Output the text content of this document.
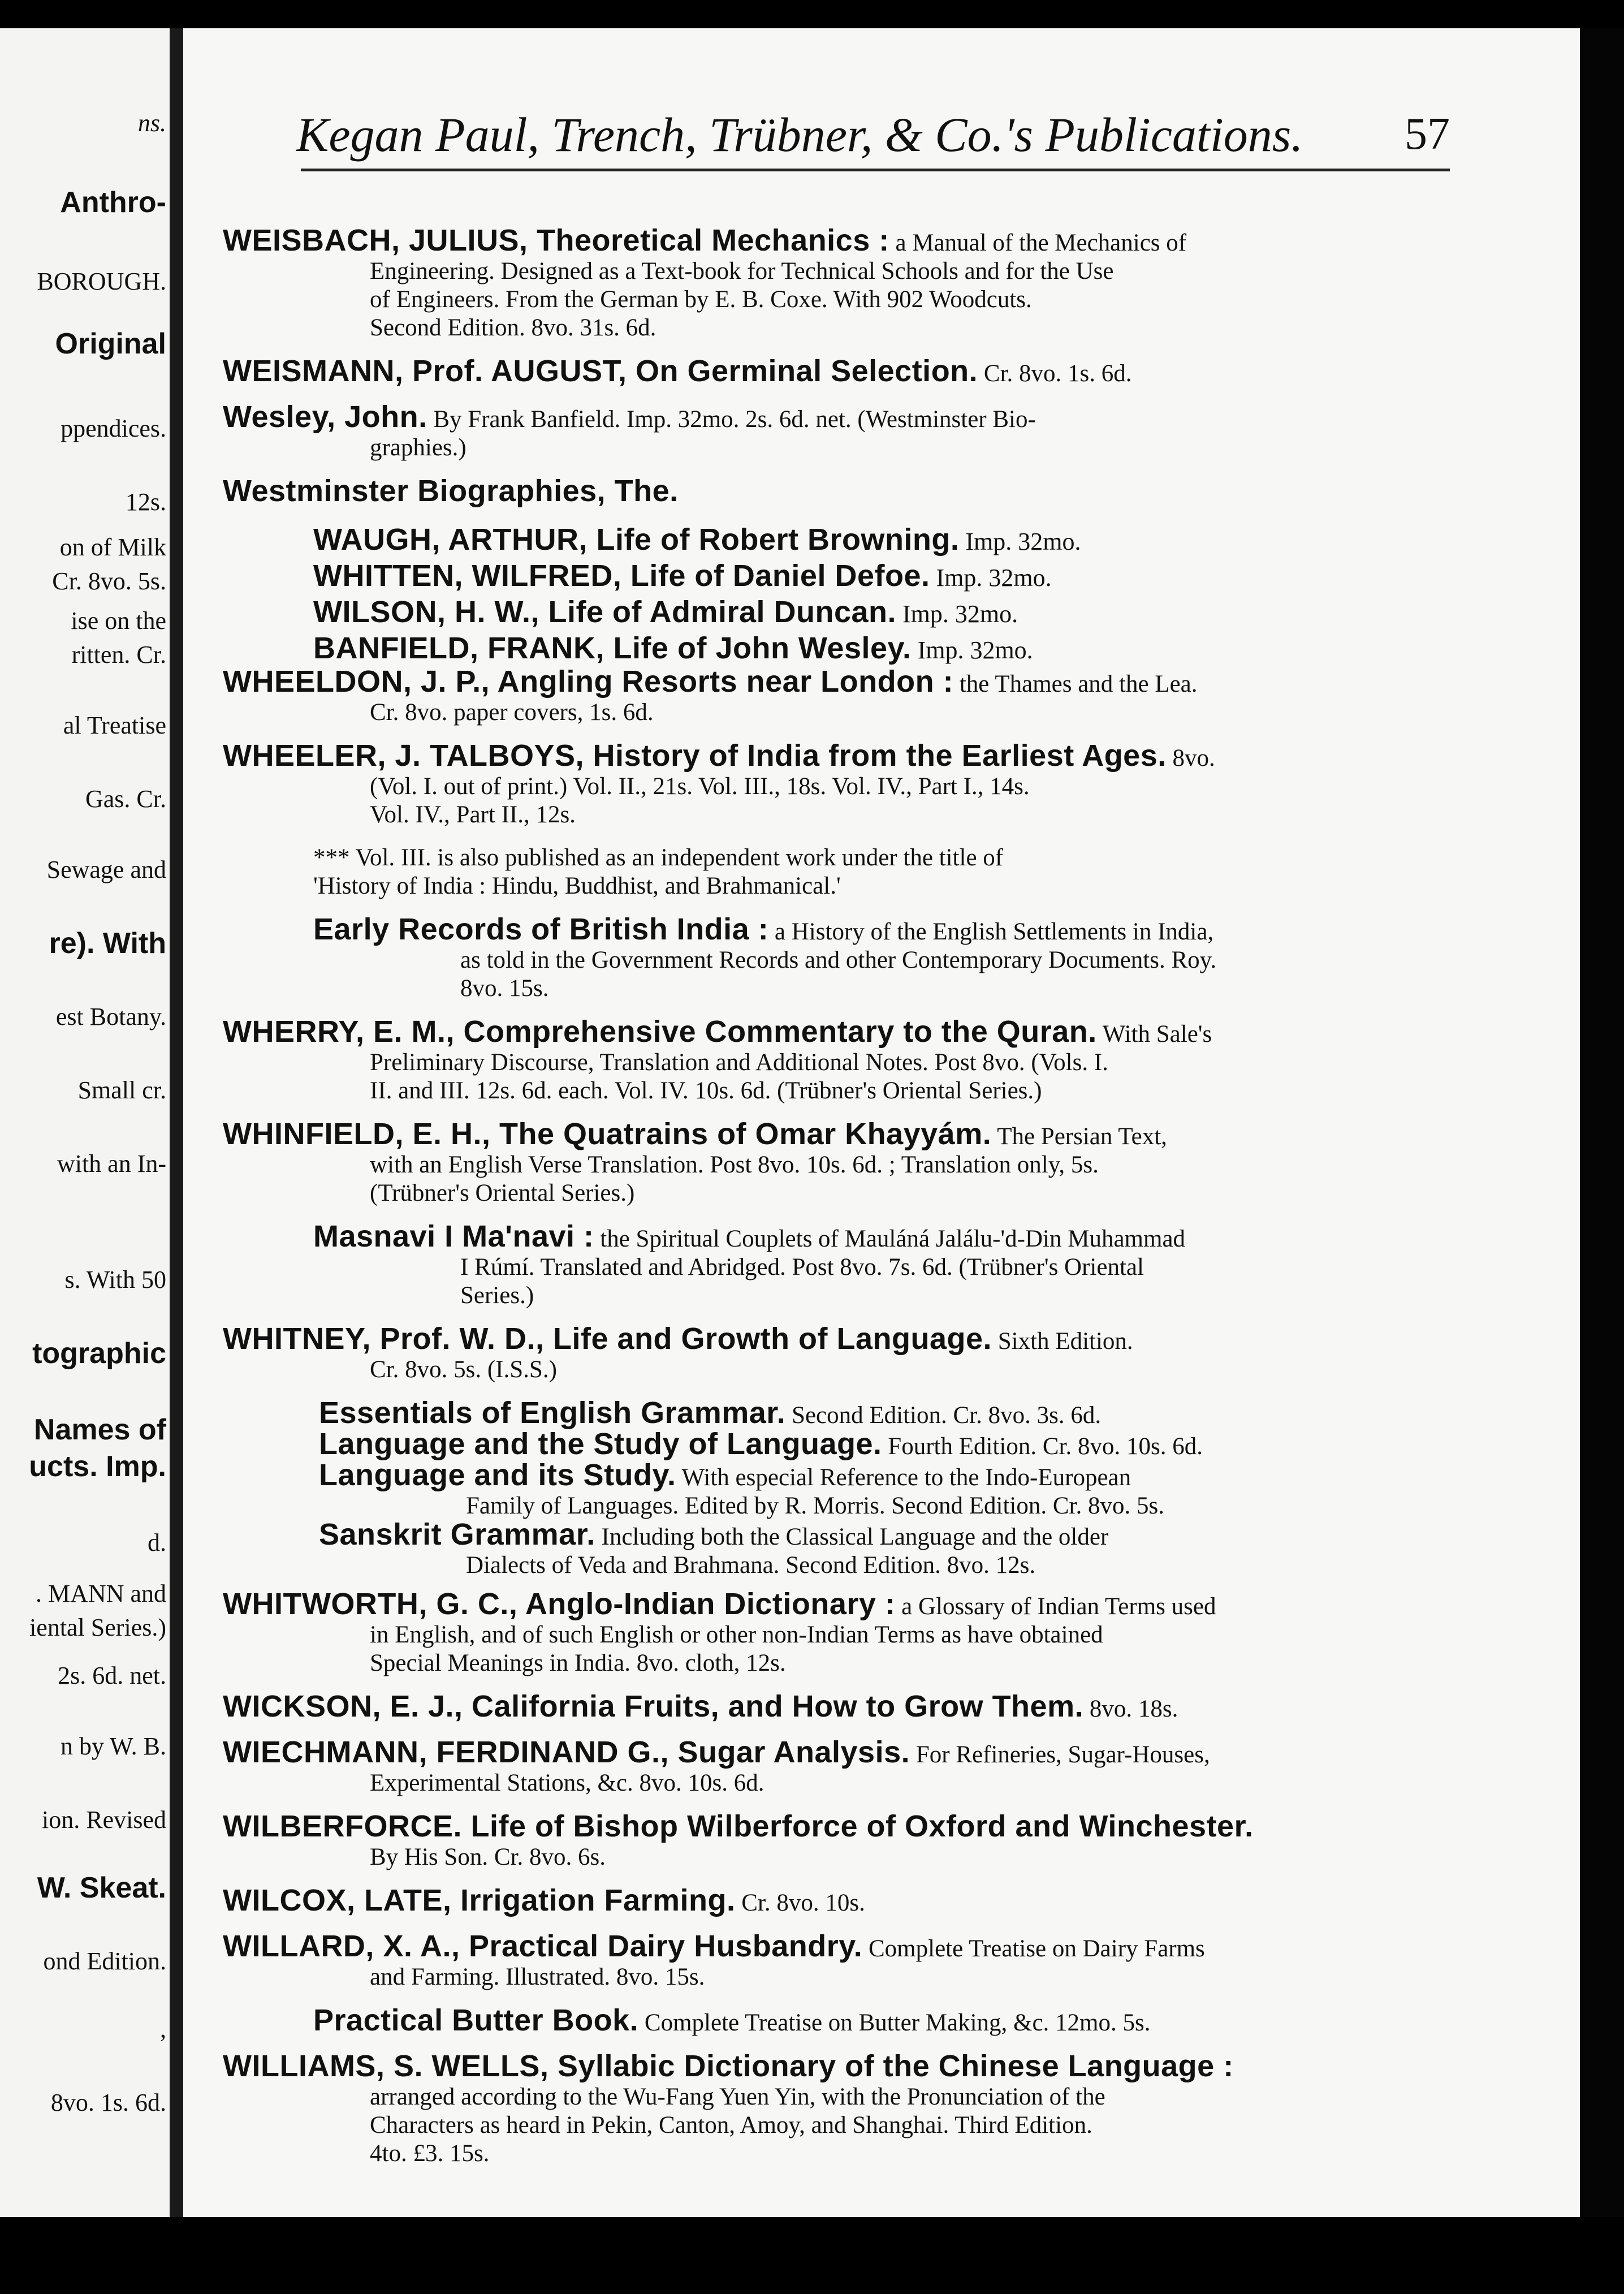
ns.
Anthro-
BOROUGH.
Original
ppendices.
12s.
on of Milk
Cr. 8vo. 5s.
ise on the
ritten. Cr.
al Treatise
Gas. Cr.
Sewage and
re). With
est Botany.
Small cr.
with an In-
s. With 50
tographic
Names of
ucts. Imp.
d.
. MANN and
iental Series.)
2s. 6d. net.
n by W. B.
ion. Revised
W. Skeat.
ond Edition.
,
8vo. 1s. 6d.
Kegan Paul, Trench, Trübner, & Co.'s Publications. 57
WEISBACH, JULIUS, Theoretical Mechanics : a Manual of the Mechanics of
Engineering. Designed as a Text-book for Technical Schools and for the Use
of Engineers. From the German by E. B. Coxe. With 902 Woodcuts.
Second Edition. 8vo. 31s. 6d.
WEISMANN, Prof. AUGUST, On Germinal Selection. Cr. 8vo. 1s. 6d.
Wesley, John. By Frank Banfield. Imp. 32mo. 2s. 6d. net. (Westminster Bio-
graphies.)
Westminster Biographies, The.
WAUGH, ARTHUR, Life of Robert Browning. Imp. 32mo.
WHITTEN, WILFRED, Life of Daniel Defoe. Imp. 32mo.
WILSON, H. W., Life of Admiral Duncan. Imp. 32mo.
BANFIELD, FRANK, Life of John Wesley. Imp. 32mo.
WHEELDON, J. P., Angling Resorts near London : the Thames and the Lea.
Cr. 8vo. paper covers, 1s. 6d.
WHEELER, J. TALBOYS, History of India from the Earliest Ages. 8vo.
(Vol. I. out of print.) Vol. II., 21s. Vol. III., 18s. Vol. IV., Part I., 14s.
Vol. IV., Part II., 12s.
*** Vol. III. is also published as an independent work under the title of
'History of India : Hindu, Buddhist, and Brahmanical.'
Early Records of British India : a History of the English Settlements in India,
as told in the Government Records and other Contemporary Documents. Roy.
8vo. 15s.
WHERRY, E. M., Comprehensive Commentary to the Quran. With Sale's
Preliminary Discourse, Translation and Additional Notes. Post 8vo. (Vols. I.
II. and III. 12s. 6d. each. Vol. IV. 10s. 6d. (Trübner's Oriental Series.)
WHINFIELD, E. H., The Quatrains of Omar Khayyám. The Persian Text,
with an English Verse Translation. Post 8vo. 10s. 6d. ; Translation only, 5s.
(Trübner's Oriental Series.)
Masnavi I Ma'navi : the Spiritual Couplets of Mauláná Jalálu-'d-Din Muhammad
I Rúmí. Translated and Abridged. Post 8vo. 7s. 6d. (Trübner's Oriental
Series.)
WHITNEY, Prof. W. D., Life and Growth of Language. Sixth Edition.
Cr. 8vo. 5s. (I.S.S.)
Essentials of English Grammar. Second Edition. Cr. 8vo. 3s. 6d.
Language and the Study of Language. Fourth Edition. Cr. 8vo. 10s. 6d.
Language and its Study. With especial Reference to the Indo-European
Family of Languages. Edited by R. Morris. Second Edition. Cr. 8vo. 5s.
Sanskrit Grammar. Including both the Classical Language and the older
Dialects of Veda and Brahmana. Second Edition. 8vo. 12s.
WHITWORTH, G. C., Anglo-Indian Dictionary : a Glossary of Indian Terms used
in English, and of such English or other non-Indian Terms as have obtained
Special Meanings in India. 8vo. cloth, 12s.
WICKSON, E. J., California Fruits, and How to Grow Them. 8vo. 18s.
WIECHMANN, FERDINAND G., Sugar Analysis. For Refineries, Sugar-Houses,
Experimental Stations, &c. 8vo. 10s. 6d.
WILBERFORCE. Life of Bishop Wilberforce of Oxford and Winchester.
By His Son. Cr. 8vo. 6s.
WILCOX, LATE, Irrigation Farming. Cr. 8vo. 10s.
WILLARD, X. A., Practical Dairy Husbandry. Complete Treatise on Dairy Farms
and Farming. Illustrated. 8vo. 15s.
Practical Butter Book. Complete Treatise on Butter Making, &c. 12mo. 5s.
WILLIAMS, S. WELLS, Syllabic Dictionary of the Chinese Language :
arranged according to the Wu-Fang Yuen Yin, with the Pronunciation of the
Characters as heard in Pekin, Canton, Amoy, and Shanghai. Third Edition.
4to. £3. 15s.
